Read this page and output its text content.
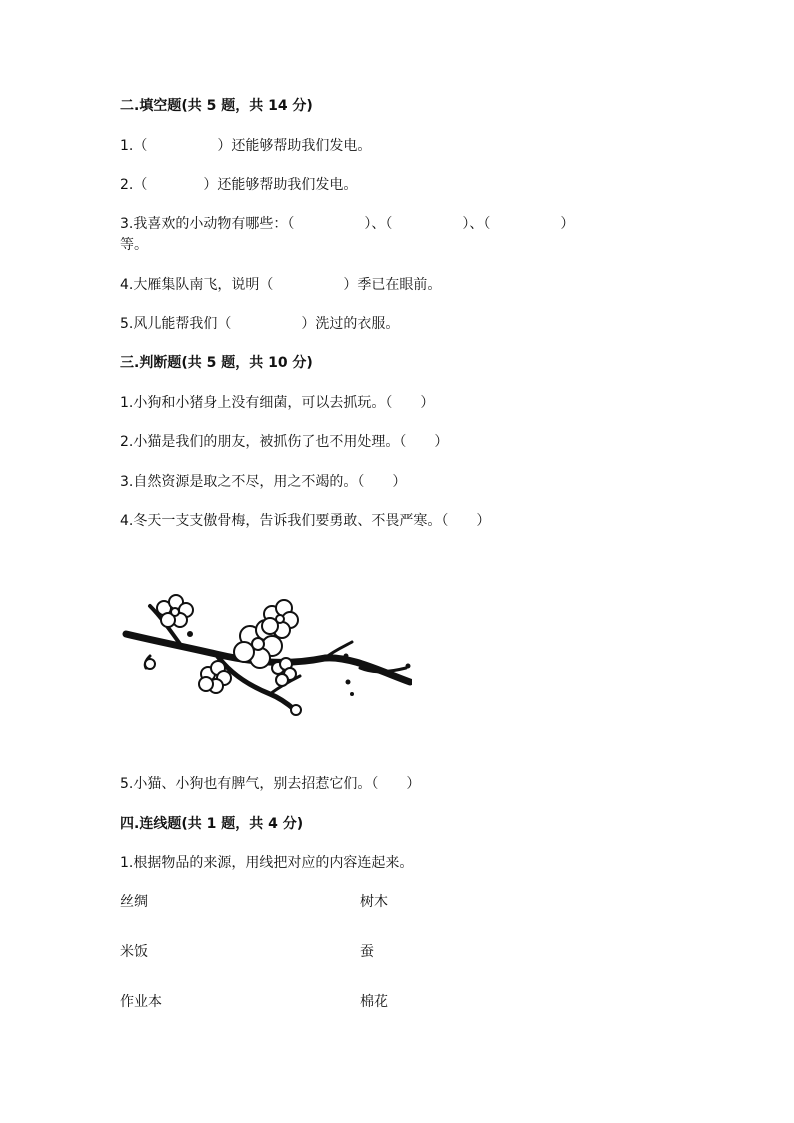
二.填空题(共 5 题，共 14 分)
1.（　　　　　）还能够帮助我们发电。
2.（　　　　）还能够帮助我们发电。
3.我喜欢的小动物有哪些：（　　　　　）、（　　　　　）、（　　　　　）
等。
4.大雁集队南飞，说明（　　　　　）季已在眼前。
5.风儿能帮我们（　　　　　）洗过的衣服。
三.判断题(共 5 题，共 10 分)
1.小狗和小猪身上没有细菌，可以去抓玩。（　　）
2.小猫是我们的朋友，被抓伤了也不用处理。（　　）
3.自然资源是取之不尽，用之不竭的。（　　）
4.冬天一支支傲骨梅，告诉我们要勇敢、不畏严寒。（　　）
5.小猫、小狗也有脾气，别去招惹它们。（　　）
四.连线题(共 1 题，共 4 分)
1.根据物品的来源，用线把对应的内容连起来。
丝绸	树木
米饭	蚕
作业本	棉花
